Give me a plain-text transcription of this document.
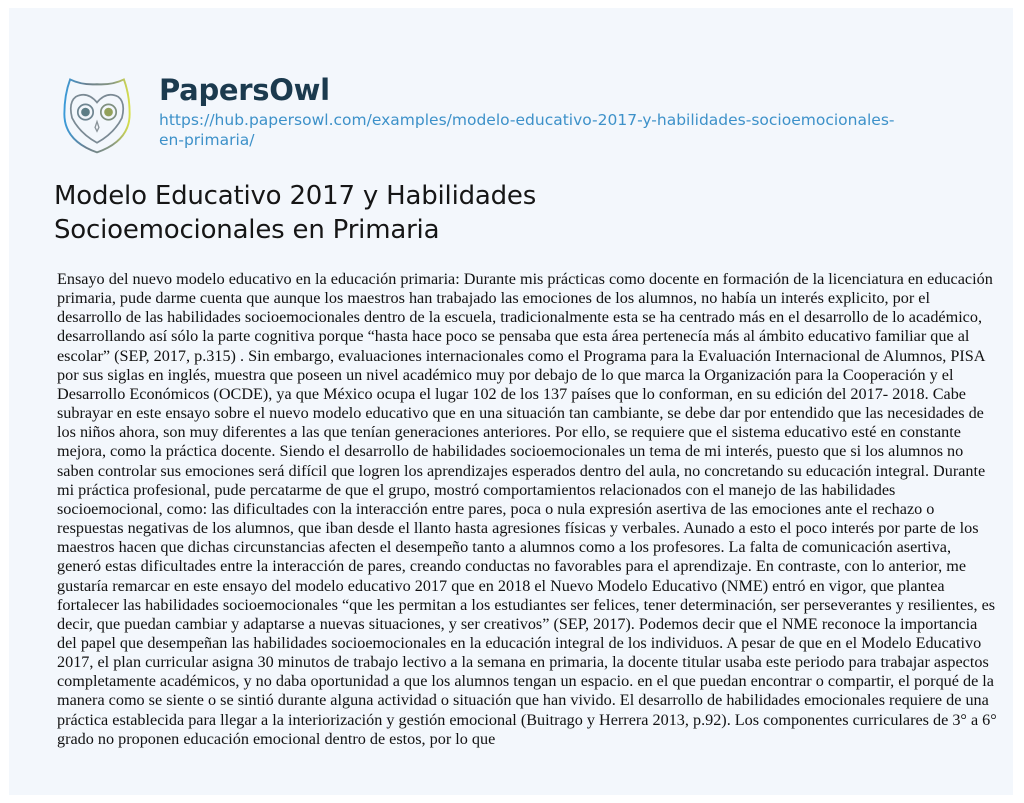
PapersOwl
https://hub.papersowl.com/examples/modelo-educativo-2017-y-habilidades-socioemocionales-
en-primaria/
Modelo Educativo 2017 y Habilidades
Socioemocionales en Primaria
Ensayo del nuevo modelo educativo en la educación primaria: Durante mis prácticas como docente en formación de la licenciatura en educación
primaria, pude darme cuenta que aunque los maestros han trabajado las emociones de los alumnos, no había un interés explicito, por el
desarrollo de las habilidades socioemocionales dentro de la escuela, tradicionalmente esta se ha centrado más en el desarrollo de lo académico,
desarrollando así sólo la parte cognitiva porque “hasta hace poco se pensaba que esta área pertenecía más al ámbito educativo familiar que al
escolar” (SEP, 2017, p.315) . Sin embargo, evaluaciones internacionales como el Programa para la Evaluación Internacional de Alumnos, PISA
por sus siglas en inglés, muestra que poseen un nivel académico muy por debajo de lo que marca la Organización para la Cooperación y el
Desarrollo Económicos (OCDE), ya que México ocupa el lugar 102 de los 137 países que lo conforman, en su edición del 2017- 2018. Cabe
subrayar en este ensayo sobre el nuevo modelo educativo que en una situación tan cambiante, se debe dar por entendido que las necesidades de
los niños ahora, son muy diferentes a las que tenían generaciones anteriores. Por ello, se requiere que el sistema educativo esté en constante
mejora, como la práctica docente. Siendo el desarrollo de habilidades socioemocionales un tema de mi interés, puesto que si los alumnos no
saben controlar sus emociones será difícil que logren los aprendizajes esperados dentro del aula, no concretando su educación integral. Durante
mi práctica profesional, pude percatarme de que el grupo, mostró comportamientos relacionados con el manejo de las habilidades
socioemocional, como: las dificultades con la interacción entre pares, poca o nula expresión asertiva de las emociones ante el rechazo o
respuestas negativas de los alumnos, que iban desde el llanto hasta agresiones físicas y verbales. Aunado a esto el poco interés por parte de los
maestros hacen que dichas circunstancias afecten el desempeño tanto a alumnos como a los profesores. La falta de comunicación asertiva,
generó estas dificultades entre la interacción de pares, creando conductas no favorables para el aprendizaje. En contraste, con lo anterior, me
gustaría remarcar en este ensayo del modelo educativo 2017 que en 2018 el Nuevo Modelo Educativo (NME) entró en vigor, que plantea
fortalecer las habilidades socioemocionales “que les permitan a los estudiantes ser felices, tener determinación, ser perseverantes y resilientes, es
decir, que puedan cambiar y adaptarse a nuevas situaciones, y ser creativos” (SEP, 2017). Podemos decir que el NME reconoce la importancia
del papel que desempeñan las habilidades socioemocionales en la educación integral de los individuos. A pesar de que en el Modelo Educativo
2017, el plan curricular asigna 30 minutos de trabajo lectivo a la semana en primaria, la docente titular usaba este periodo para trabajar aspectos
completamente académicos, y no daba oportunidad a que los alumnos tengan un espacio. en el que puedan encontrar o compartir, el porqué de la
manera como se siente o se sintió durante alguna actividad o situación que han vivido. El desarrollo de habilidades emocionales requiere de una
práctica establecida para llegar a la interiorización y gestión emocional (Buitrago y Herrera 2013, p.92). Los componentes curriculares de 3° a 6°
grado no proponen educación emocional dentro de estos, por lo que
